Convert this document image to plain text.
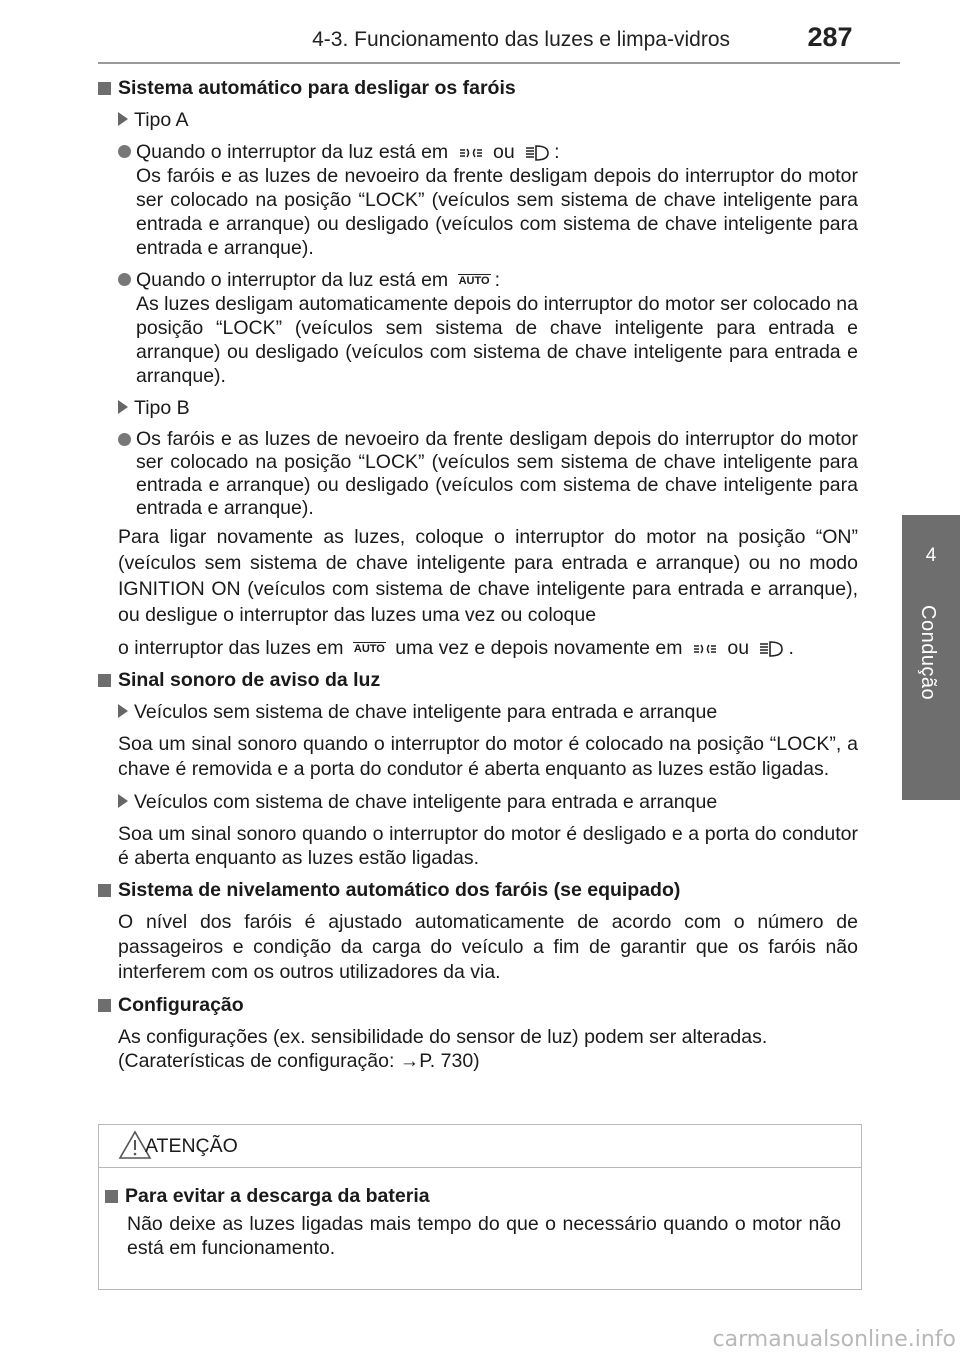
4-3. Funcionamento das luzes e limpa-vidros	287
4
Condução
Sistema automático para desligar os faróis
Tipo A
Quando o interruptor da luz está em ou :
Os faróis e as luzes de nevoeiro da frente desligam depois do interruptor do motor ser colocado na posição “LOCK” (veículos sem sistema de chave inteligente para entrada e arranque) ou desligado (veículos com sistema de chave inteligente para entrada e arranque).
Quando o interruptor da luz está em AUTO :
As luzes desligam automaticamente depois do interruptor do motor ser colocado na posição “LOCK” (veículos sem sistema de chave inteligente para entrada e arranque) ou desligado (veículos com sistema de chave inteligente para entrada e arranque).
Tipo B
Os faróis e as luzes de nevoeiro da frente desligam depois do interruptor do motor ser colocado na posição “LOCK” (veículos sem sistema de chave inteligente para entrada e arranque) ou desligado (veículos com sistema de chave inteligente para entrada e arranque).
Para ligar novamente as luzes, coloque o interruptor do motor na posição “ON” (veículos sem sistema de chave inteligente para entrada e arranque) ou no modo IGNITION ON (veículos com sistema de chave inteligente para entrada e arranque), ou desligue o interruptor das luzes uma vez ou coloque
o interruptor das luzes em AUTO uma vez e depois novamente em ou .
Sinal sonoro de aviso da luz
Veículos sem sistema de chave inteligente para entrada e arranque
Soa um sinal sonoro quando o interruptor do motor é colocado na posição “LOCK”, a chave é removida e a porta do condutor é aberta enquanto as luzes estão ligadas.
Veículos com sistema de chave inteligente para entrada e arranque
Soa um sinal sonoro quando o interruptor do motor é desligado e a porta do condutor é aberta enquanto as luzes estão ligadas.
Sistema de nivelamento automático dos faróis (se equipado)
O nível dos faróis é ajustado automaticamente de acordo com o número de passageiros e condição da carga do veículo a fim de garantir que os faróis não interferem com os outros utilizadores da via.
Configuração
As configurações (ex. sensibilidade do sensor de luz) podem ser alteradas.
(Caraterísticas de configuração: →P. 730)
ATENÇÃO
Para evitar a descarga da bateria
Não deixe as luzes ligadas mais tempo do que o necessário quando o motor não está em funcionamento.
carmanualsonline.info
